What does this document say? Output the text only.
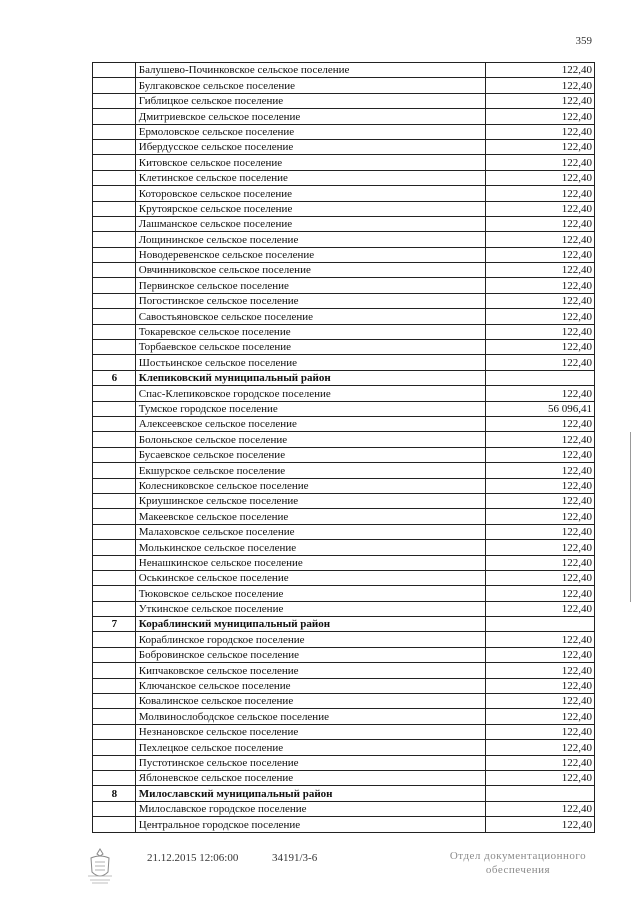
359
	Балушево-Починковское сельское поселение	122,40
	Булгаковское сельское поселение	122,40
	Гиблицкое сельское поселение	122,40
	Дмитриевское сельское поселение	122,40
	Ермоловское сельское поселение	122,40
	Ибердусское сельское поселение	122,40
	Китовское сельское поселение	122,40
	Клетинское сельское поселение	122,40
	Котоpовское сельское поселение	122,40
	Крутоярское сельское поселение	122,40
	Лашманское сельское поселение	122,40
	Лощининское сельское поселение	122,40
	Новодеревенское сельское поселение	122,40
	Овчинниковское сельское поселение	122,40
	Первинское сельское поселение	122,40
	Погостинское сельское поселение	122,40
	Савостьяновское сельское поселение	122,40
	Токаревское сельское поселение	122,40
	Торбаевское сельское поселение	122,40
	Шостьинское сельское поселение	122,40
6	Клепиковский муниципальный район	
	Спас-Клепиковское городское поселение	122,40
	Тумское городское поселение	56 096,41
	Алексеевское сельское поселение	122,40
	Болоньское сельское поселение	122,40
	Бусаевское сельское поселение	122,40
	Екшурское сельское поселение	122,40
	Колесниковское сельское поселение	122,40
	Криушинское сельское поселение	122,40
	Макеевское сельское поселение	122,40
	Малаховское сельское поселение	122,40
	Молькинское сельское поселение	122,40
	Ненашкинское сельское поселение	122,40
	Оськинское сельское поселение	122,40
	Тюковское сельское поселение	122,40
	Уткинское сельское поселение	122,40
7	Кораблинский муниципальный район	
	Кораблинское городское поселение	122,40
	Бобровинское сельское поселение	122,40
	Кипчаковское сельское поселение	122,40
	Ключанское сельское поселение	122,40
	Ковалинское сельское поселение	122,40
	Молвинослободское сельское поселение	122,40
	Незнановское сельское поселение	122,40
	Пехлецкое сельское поселение	122,40
	Пустотинское сельское поселение	122,40
	Яблоневское сельское поселение	122,40
8	Милославский муниципальный район	
	Милославское городское поселение	122,40
	Центральное городское поселение	122,40
21.12.2015 12:06:00	34191/3-6	Отдел документационного
обеспечения
